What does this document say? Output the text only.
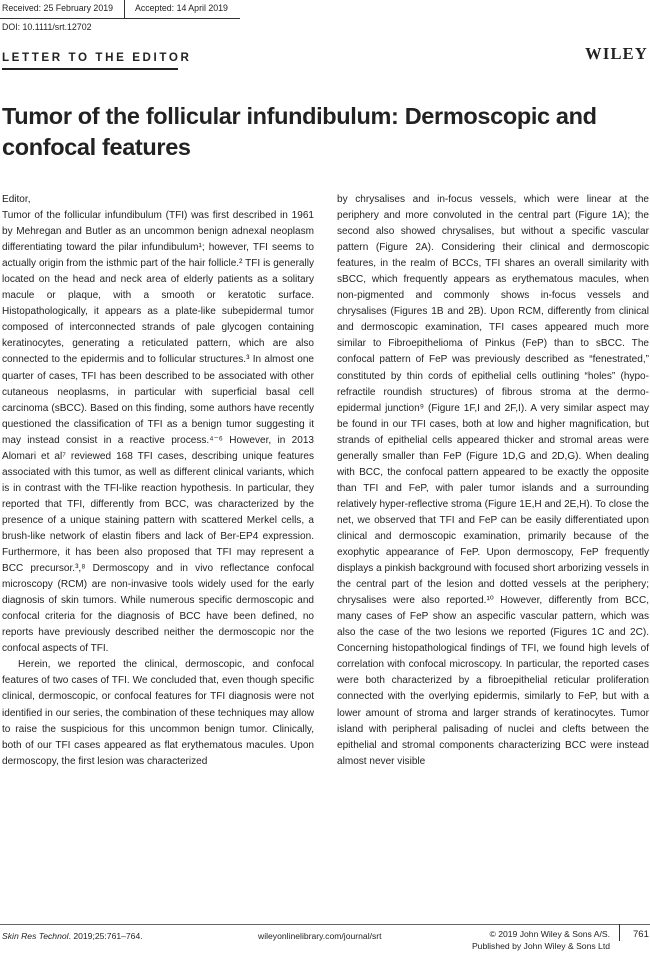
Received: 25 February 2019 Accepted: 14 April 2019
DOI: 10.1111/srt.12702
LETTER TO THE EDITOR	WILEY
Tumor of the follicular infundibulum: Dermoscopic and confocal features

Editor,

Tumor of the follicular infundibulum (TFI) was first described in 1961 by Mehregan and Butler as an uncommon benign adnexal neoplasm differentiating toward the pilar infundibulum¹; however, TFI seems to actually origin from the isthmic part of the hair follicle.² TFI is generally located on the head and neck area of elderly patients as a solitary macule or plaque, with a smooth or keratotic surface. Histopathologically, it appears as a plate-like subepidermal tumor composed of interconnected strands of pale glycogen containing keratinocytes, generating a reticulated pattern, which are also connected to the epidermis and to follicular structures.³ In almost one quarter of cases, TFI has been described to be associated with other cutaneous neoplasms, in particular with superficial basal cell carcinoma (sBCC). Based on this finding, some authors have recently questioned the classification of TFI as a benign tumor suggesting it may instead consist in a reactive process.⁴⁻⁶ However, in 2013 Alomari et al⁷ reviewed 168 TFI cases, describing unique features associated with this tumor, as well as different clinical variants, which is in contrast with the TFI-like reaction hypothesis. In particular, they reported that TFI, differently from BCC, was characterized by the presence of a unique staining pattern with scattered Merkel cells, a brush-like network of elastin fibers and lack of Ber-EP4 expression. Furthermore, it has been also proposed that TFI may represent a BCC precursor.³,⁸ Dermoscopy and in vivo reflectance confocal microscopy (RCM) are non-invasive tools widely used for the early diagnosis of skin tumors. While numerous specific dermoscopic and confocal criteria for the diagnosis of BCC have been defined, no reports have previously described neither the dermoscopic nor the confocal aspects of TFI.

Herein, we reported the clinical, dermoscopic, and confocal features of two cases of TFI. We concluded that, even though specific clinical, dermoscopic, or confocal features for TFI diagnosis were not identified in our series, the combination of these techniques may allow to raise the suspicious for this uncommon benign tumor. Clinically, both of our TFI cases appeared as flat erythematous macules. Upon dermoscopy, the first lesion was characterized

by chrysalises and in-focus vessels, which were linear at the periphery and more convoluted in the central part (Figure 1A); the second also showed chrysalises, but without a specific vascular pattern (Figure 2A). Considering their clinical and dermoscopic features, in the realm of BCCs, TFI shares an overall similarity with sBCC, which frequently appears as erythematous macules, when non-pigmented and commonly shows in-focus vessels and chrysalises (Figures 1B and 2B). Upon RCM, differently from clinical and dermoscopic examination, TFI cases appeared much more similar to Fibroepithelioma of Pinkus (FeP) than to sBCC. The confocal pattern of FeP was previously described as “fenestrated,” constituted by thin cords of epithelial cells outlining “holes” (hypo-refractile roundish structures) of fibrous stroma at the dermo-epidermal junction⁹ (Figure 1F,I and 2F,I). A very similar aspect may be found in our TFI cases, both at low and higher magnification, but strands of epithelial cells appeared thicker and stromal areas were generally smaller than FeP (Figure 1D,G and 2D,G). When dealing with BCC, the confocal pattern appeared to be exactly the opposite than TFI and FeP, with paler tumor islands and a surrounding relatively hyper-reflective stroma (Figure 1E,H and 2E,H). To close the net, we observed that TFI and FeP can be easily differentiated upon clinical and dermoscopic examination, primarily because of the exophytic appearance of FeP. Upon dermoscopy, FeP frequently displays a pinkish background with focused short arborizing vessels in the central part of the lesion and dotted vessels at the periphery; chrysalises were also reported.¹⁰ However, differently from BCC, many cases of FeP show an aspecific vascular pattern, which was also the case of the two lesions we reported (Figures 1C and 2C). Concerning histopathological findings of TFI, we found high levels of correlation with confocal microscopy. In particular, the reported cases were both characterized by a fibroepithelial reticular proliferation connected with the overlying epidermis, similarly to FeP, but with a lower amount of stroma and larger strands of keratinocytes. Tumor island with peripheral palisading of nuclei and clefts between the epithelial and stromal components characterizing BCC were instead almost never visible

Skin Res Technol. 2019;25:761–764.	wileyonlinelibrary.com/journal/srt	© 2019 John Wiley & Sons A/S.
Published by John Wiley & Sons Ltd
761
